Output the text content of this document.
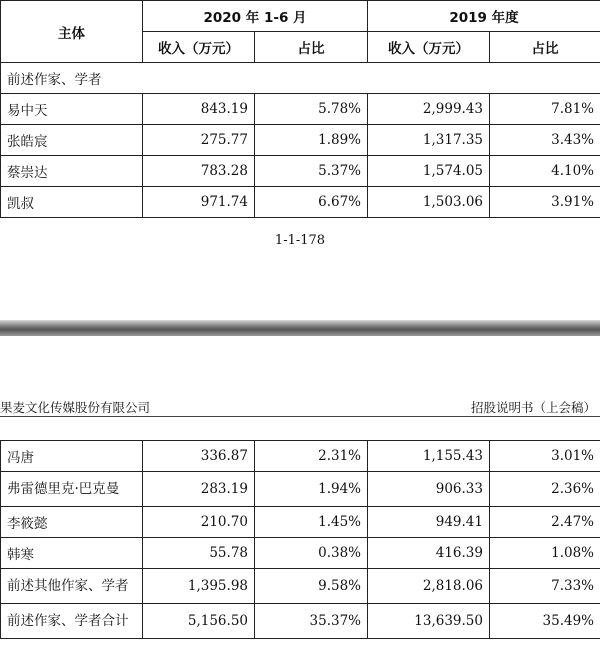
主体	2020 年 1-6 月		2019 年度	
	收入（万元）	占比	收入（万元）	占比
前述作家、学者				
易中天	843.19	5.78%	2,999.43	7.81%
张皓宸	275.77	1.89%	1,317.35	3.43%
蔡崇达	783.28	5.37%	1,574.05	4.10%
凯叔	971.74	6.67%	1,503.06	3.91%
1-1-178
果麦文化传媒股份有限公司	招股说明书（上会稿）
冯唐	336.87	2.31%	1,155.43	3.01%
弗雷德里克·巴克曼	283.19	1.94%	906.33	2.36%
李筱懿	210.70	1.45%	949.41	2.47%
韩寒	55.78	0.38%	416.39	1.08%
前述其他作家、学者	1,395.98	9.58%	2,818.06	7.33%
前述作家、学者合计	5,156.50	35.37%	13,639.50	35.49%
